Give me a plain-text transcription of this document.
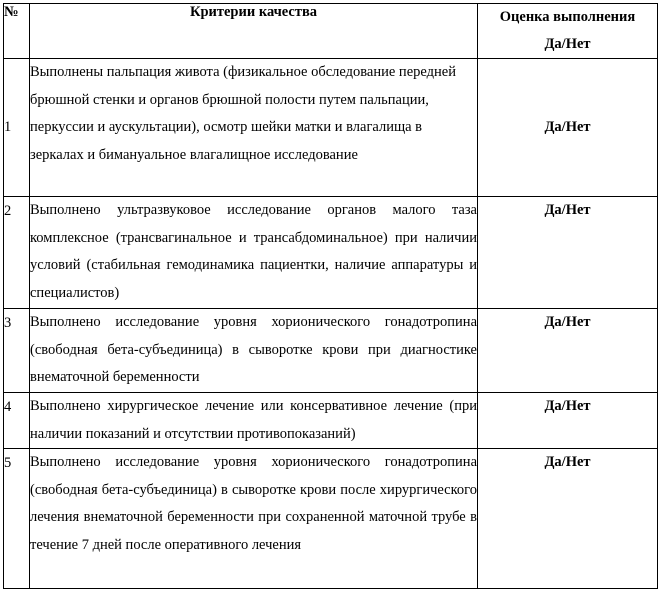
№	Критерии качества	Оценка выполнения
Да/Нет
1	Выполнены пальпация живота (физикальное обследование передней брюшной стенки и органов брюшной полости путем пальпации, перкуссии и аускультации), осмотр шейки матки и влагалища в зеркалах и бимануальное влагалищное исследование	Да/Нет
2	Выполнено ультразвуковое исследование органов малого таза комплексное (трансвагинальное и трансабдоминальное) при наличии условий (стабильная гемодинамика пациентки, наличие аппаратуры и специалистов)	Да/Нет
3	Выполнено исследование уровня хорионического гонадотропина (свободная бета-субъединица) в сыворотке крови при диагностике внематочной беременности	Да/Нет
4	Выполнено хирургическое лечение или консервативное лечение (при наличии показаний и отсутствии противопоказаний)	Да/Нет
5	Выполнено исследование уровня хорионического гонадотропина (свободная бета-субъединица) в сыворотке крови после хирургического лечения внематочной беременности при сохраненной маточной трубе в течение 7 дней после оперативного лечения	Да/Нет
